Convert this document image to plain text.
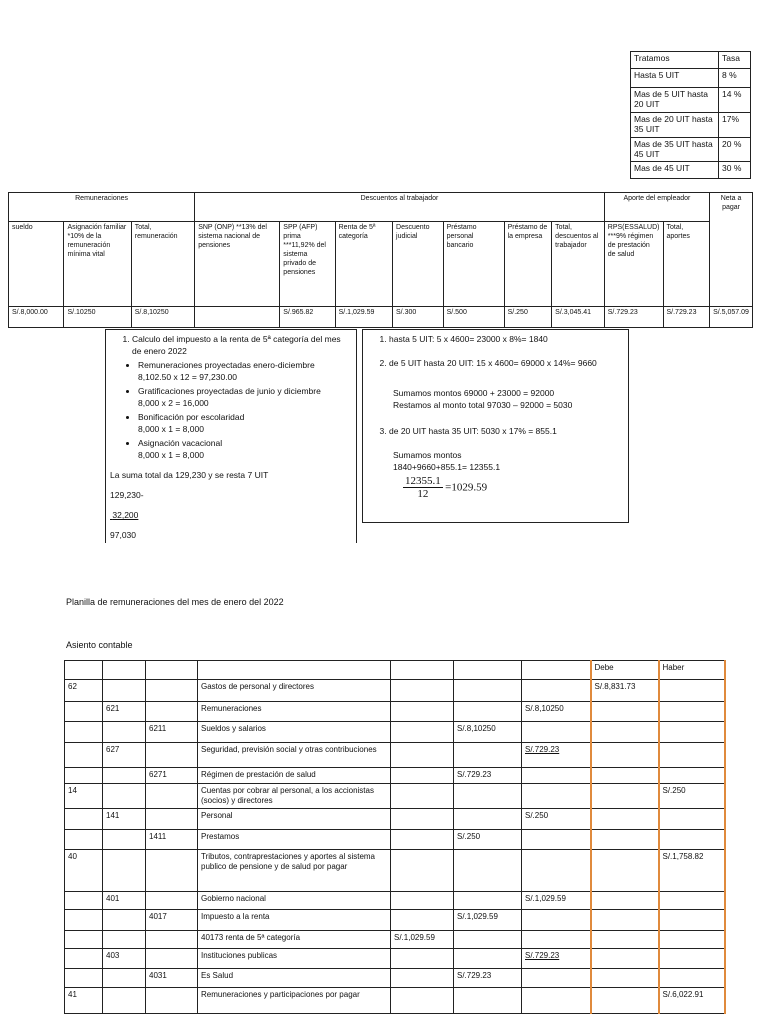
Tratamos	Tasa
Hasta 5 UIT	8 %
Mas de 5 UIT hasta 20 UIT	14 %
Mas de 20 UIT hasta 35 UIT	17%
Mas de 35 UIT hasta 45 UIT	20 %
Mas de 45 UIT	30 %
Remuneraciones			Descuentos al trabajador							Aporte del empleador		Neta a pagar
sueldo	Asignación familiar *10% de la remuneración mínima vital	Total, remuneración	SNP (ONP) **13% del sistema nacional de pensiones	SPP (AFP) prima ***11,92% del sistema privado de pensiones	Renta de 5ª categoría	Descuento judicial	Préstamo personal bancario	Préstamo de la empresa	Total, descuentos al trabajador	RPS(ESSALUD) ***9% régimen de prestación de salud	Total, aportes	
S/.8,000.00	S/.10250	S/.8,10250		S/.965.82	S/.1,029.59	S/.300	S/.500	S/.250	S/.3,045.41	S/.729.23	S/.729.23	S/.5,057.09
1. Calculo del impuesto a la renta de 5ª categoría del mes de enero 2022
• Remuneraciones proyectadas enero-diciembre
8,102.50 x 12 = 97,230.00
• Gratificaciones proyectadas de junio y diciembre
8,000 x 2 = 16,000
• Bonificación por escolaridad
8,000 x 1 = 8,000
• Asignación vacacional
8,000 x 1 = 8,000

La suma total da 129,230 y se resta 7 UIT

129,230-

32,200

97,030

1. hasta 5 UIT: 5 x 4600= 23000 x 8%= 1840
2. de 5 UIT hasta 20 UIT: 15 x 4600= 69000 x 14%= 9660

Sumamos montos 69000 + 23000 = 92000

Restamos al monto total 97030 – 92000 = 5030

3. de 20 UIT hasta 35 UIT: 5030 x 17% = 855.1

Sumamos montos

1840+9660+855.1= 12355.1

$\frac{12355.1}{12} =1029.59$

Planilla de remuneraciones del mes de enero del 2022
Asiento contable
							Debe	Haber
62			Gastos de personal y directores				S/.8,831.73	
	621		Remuneraciones			S/.8,10250		
		6211	Sueldos y salarios		S/.8,10250			
	627		Seguridad, previsión social y otras contribuciones			S/.729.23		
		6271	Régimen de prestación de salud		S/.729.23			
14			Cuentas por cobrar al personal, a los accionistas (socios) y directores					S/.250
	141		Personal			S/.250		
		1411	Prestamos		S/.250			
40			Tributos, contraprestaciones y aportes al sistema publico de pensione y de salud por pagar					S/.1,758.82
	401		Gobierno nacional			S/.1,029.59		
		4017	Impuesto a la renta		S/.1,029.59			
			40173 renta de 5ª categoría	S/.1,029.59				
	403		Instituciones publicas			S/.729.23		
		4031	Es Salud		S/.729.23			
41			Remuneraciones y participaciones por pagar					S/.6,022.91
